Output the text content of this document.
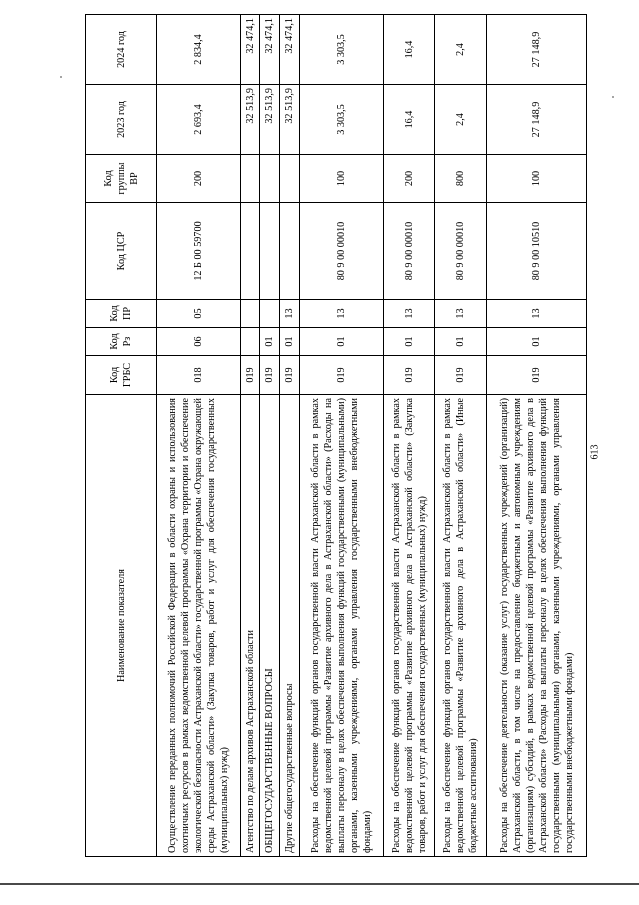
613
Наименование показателя	Код ГРБС	Код Рз	Код ПР	Код ЦСР	Код группы ВР	2023 год	2024 год
Осуществление переданных полномочий Российской Федерации в области охраны и использования охотничьих ресурсов в рамках ведомственной целевой программы «Охрана территории и обеспечение экологической безопасности Астраханской области» государственной программы «Охрана окружающей среды Астраханской области» (Закупка товаров, работ и услуг для обеспечения государственных (муниципальных) нужд)	018	06	05	12 Б 00 59700	200	2 693,4	2 834,4
Агентство по делам архивов Астраханской области	019					32 513,9	32 474,1
ОБЩЕГОСУДАРСТВЕННЫЕ ВОПРОСЫ	019	01				32 513,9	32 474,1
Другие общегосударственные вопросы	019	01	13			32 513,9	32 474,1
Расходы на обеспечение функций органов государственной власти Астраханской области в рамках ведомственной целевой программы «Развитие архивного дела в Астраханской области» (Расходы на выплаты персоналу в целях обеспечения выполнения функций государственными (муниципальными) органами, казенными учреждениями, органами управления государственными внебюджетными фондами)	019	01	13	80 9 00 00010	100	3 303,5	3 303,5
Расходы на обеспечение функций органов государственной власти Астраханской области в рамках ведомственной целевой программы «Развитие архивного дела в Астраханской области» (Закупка товаров, работ и услуг для обеспечения государственных (муниципальных) нужд)	019	01	13	80 9 00 00010	200	16,4	16,4
Расходы на обеспечение функций органов государственной власти Астраханской области в рамках ведомственной целевой программы «Развитие архивного дела в Астраханской области» (Иные бюджетные ассигнования)	019	01	13	80 9 00 00010	800	2,4	2,4
Расходы на обеспечение деятельности (оказание услуг) государственных учреждений (организаций) Астраханской области, в том числе на предоставление бюджетным и автономным учреждениям (организациям) субсидий, в рамках ведомственной целевой программы «Развитие архивного дела в Астраханской области» (Расходы на выплаты персоналу в целях обеспечения выполнения функций государственными (муниципальными) органами, казенными учреждениями, органами управления государственными внебюджетными фондами)	019	01	13	80 9 00 10510	100	27 148,9	27 148,9
